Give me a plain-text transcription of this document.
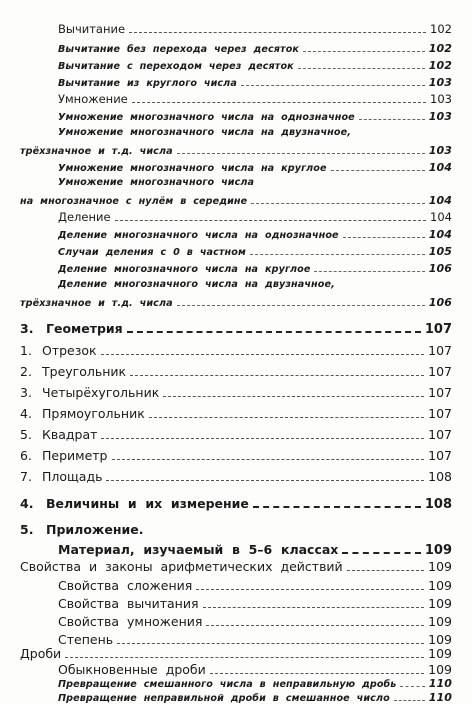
Вычитание	102
Вычитание  без  перехода  через  десяток	102
Вычитание  с  переходом  через  десяток	102
Вычитание  из  круглого  числа	103
Умножение	103
Умножение  многозначного  числа  на  однозначное	103
Умножение  многозначного  числа  на  двузначное,
трёхзначное  и  т.д.  числа	103
Умножение  многозначного  числа  на  круглое	104
Умножение  многозначного  числа
на  многозначное  с  нулём  в  середине	104
Деление	104
Деление  многозначного  числа  на  однозначное	104
Случаи  деления  с  0  в  частном	105
Деление  многозначного  числа  на  круглое	106
Деление  многозначного  числа  на  двузначное,
трёхзначное  и  т.д.  числа	106
3. Геометрия	107
1. Отрезок	107
2. Треугольник	107
3. Четырёхугольник	107
4. Прямоугольник	107
5. Квадрат	107
6. Периметр	107
7. Площадь	108
4. Величины  и  их  измерение	108
5. Приложение.
Материал,  изучаемый  в  5–6  классах	109
Свойства  и  законы  арифметических  действий	109
Свойства  сложения	109
Свойства  вычитания	109
Свойства  умножения	109
Степень	109
Дроби	109
Обыкновенные  дроби	109
Превращение  смешанного  числа  в  неправильную  дробь	110
Превращение  неправильной  дроби  в  смешанное  число	110
